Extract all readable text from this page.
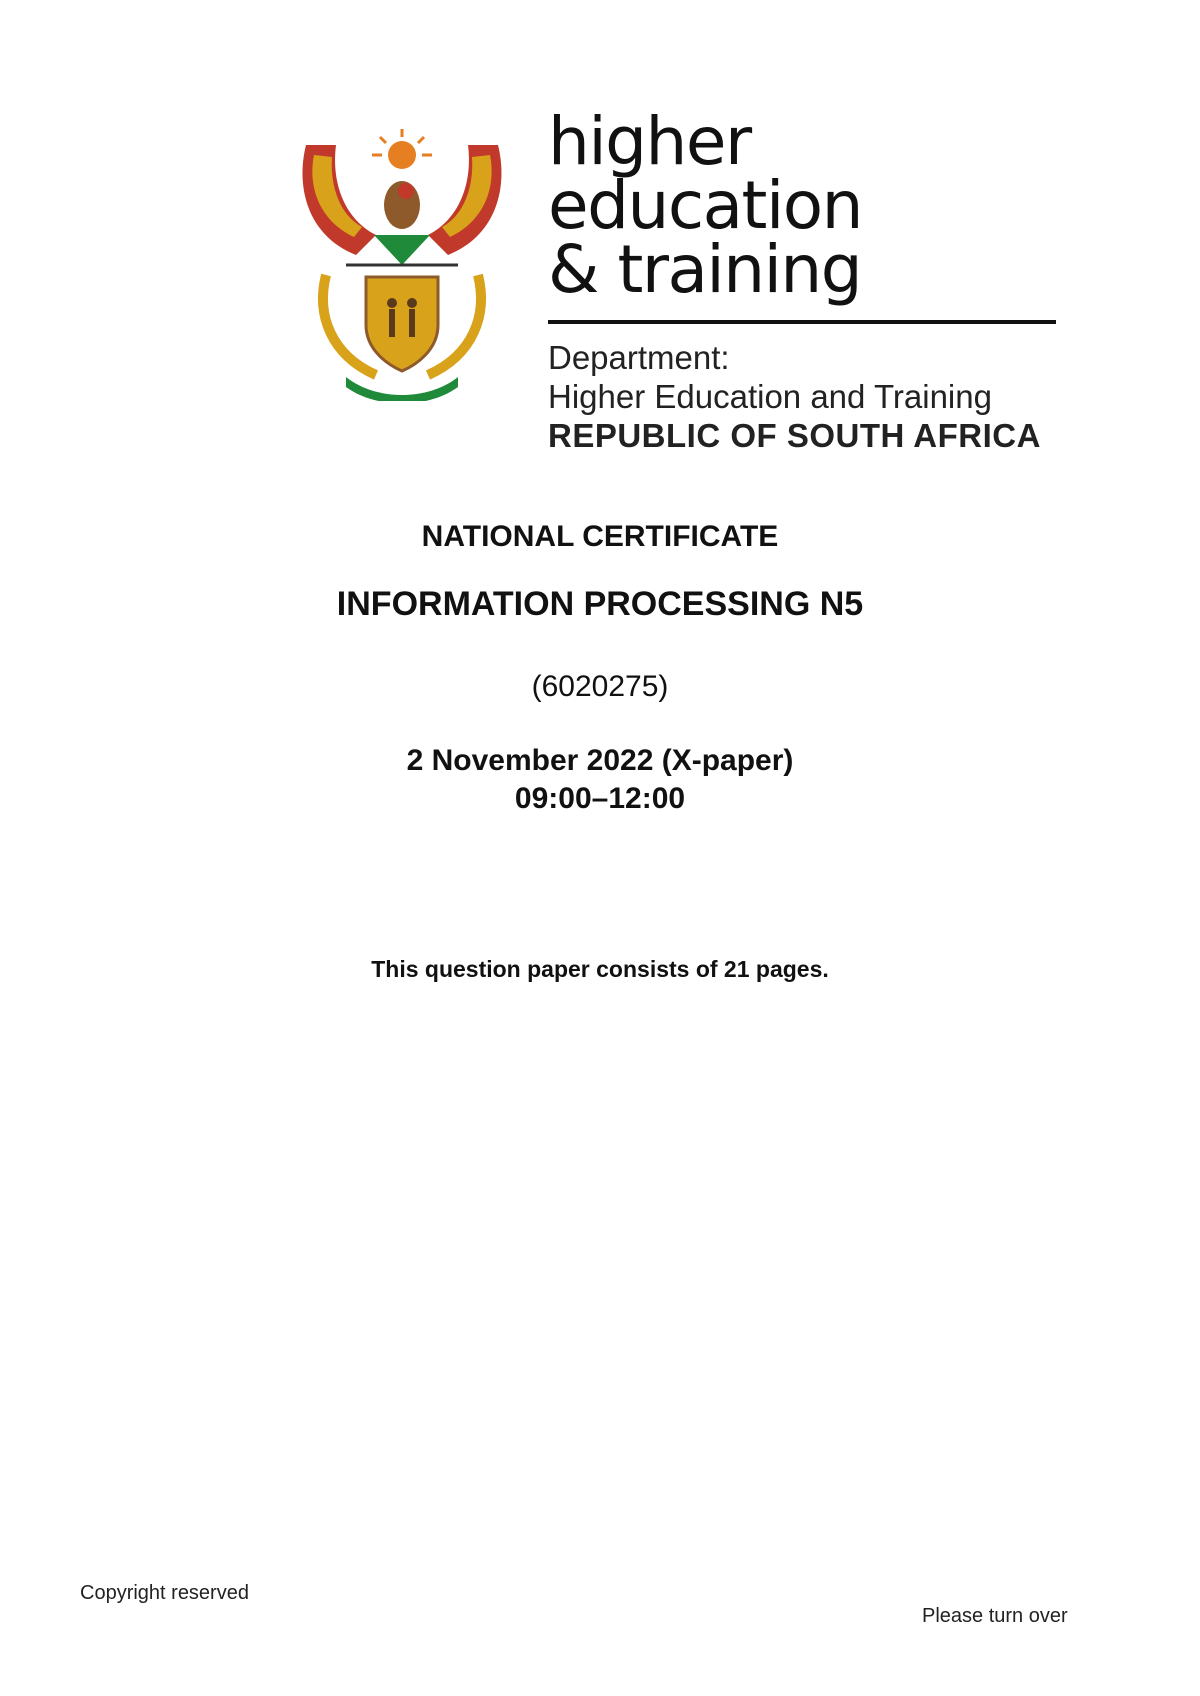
higher education
& training
Department:
Higher Education and Training
REPUBLIC OF SOUTH AFRICA
NATIONAL CERTIFICATE
INFORMATION PROCESSING N5
(6020275)
2 November 2022 (X-paper)
09:00–12:00
This question paper consists of 21 pages.
Copyright reserved
Please turn over
